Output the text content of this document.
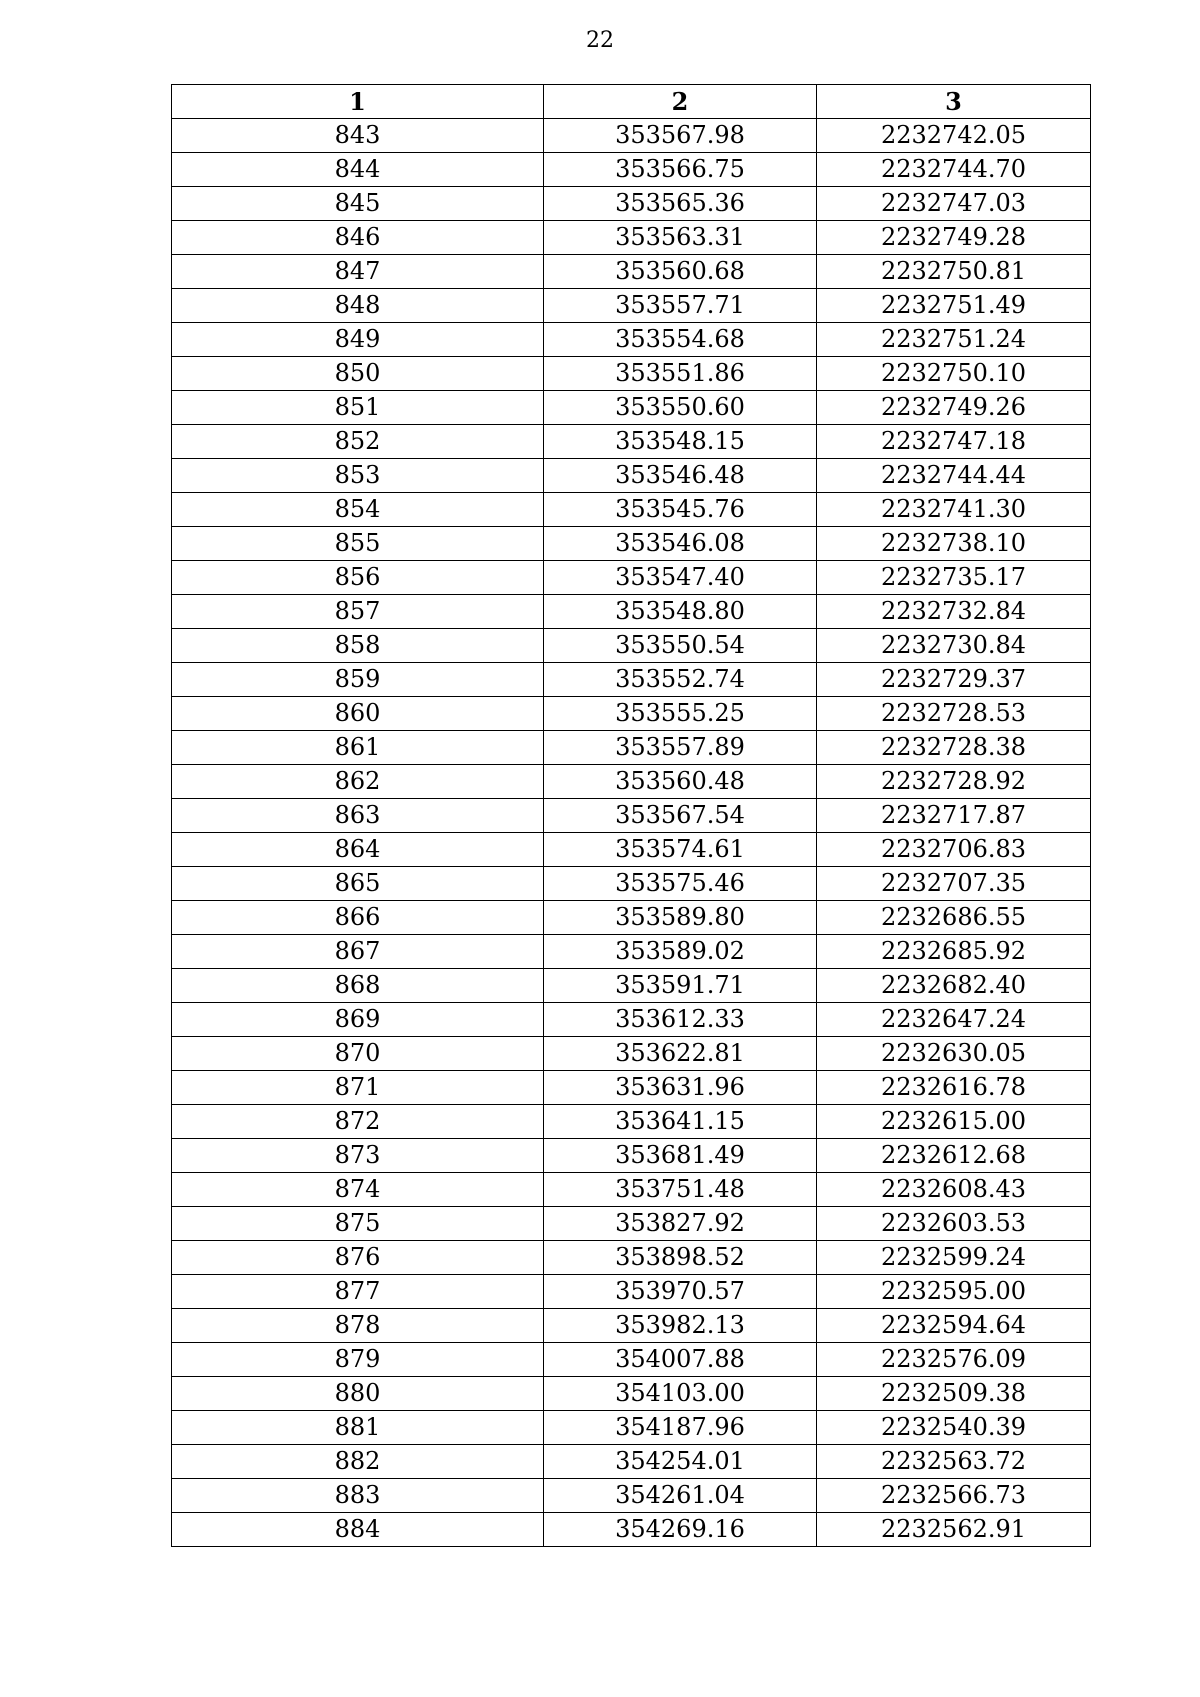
22
1	2	3
843	353567.98	2232742.05
844	353566.75	2232744.70
845	353565.36	2232747.03
846	353563.31	2232749.28
847	353560.68	2232750.81
848	353557.71	2232751.49
849	353554.68	2232751.24
850	353551.86	2232750.10
851	353550.60	2232749.26
852	353548.15	2232747.18
853	353546.48	2232744.44
854	353545.76	2232741.30
855	353546.08	2232738.10
856	353547.40	2232735.17
857	353548.80	2232732.84
858	353550.54	2232730.84
859	353552.74	2232729.37
860	353555.25	2232728.53
861	353557.89	2232728.38
862	353560.48	2232728.92
863	353567.54	2232717.87
864	353574.61	2232706.83
865	353575.46	2232707.35
866	353589.80	2232686.55
867	353589.02	2232685.92
868	353591.71	2232682.40
869	353612.33	2232647.24
870	353622.81	2232630.05
871	353631.96	2232616.78
872	353641.15	2232615.00
873	353681.49	2232612.68
874	353751.48	2232608.43
875	353827.92	2232603.53
876	353898.52	2232599.24
877	353970.57	2232595.00
878	353982.13	2232594.64
879	354007.88	2232576.09
880	354103.00	2232509.38
881	354187.96	2232540.39
882	354254.01	2232563.72
883	354261.04	2232566.73
884	354269.16	2232562.91
